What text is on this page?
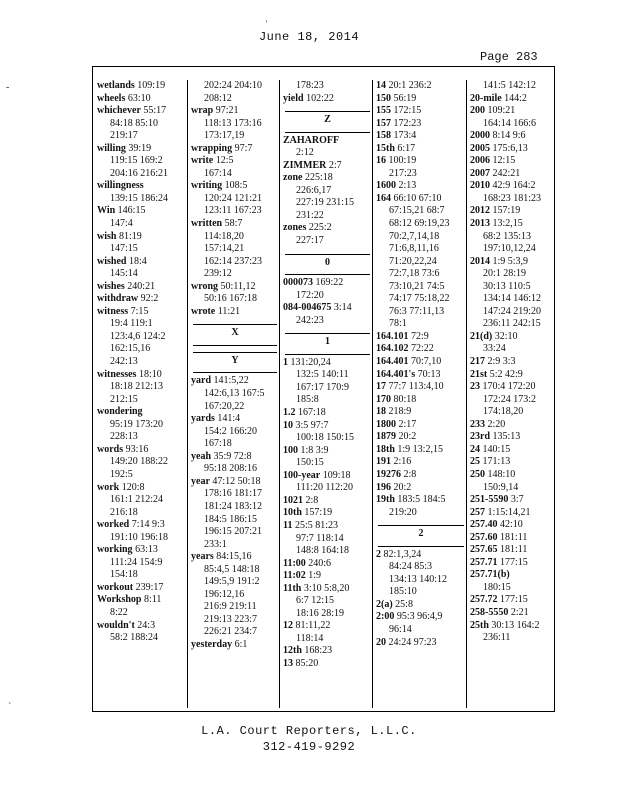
'
June 18, 2014
Page 283
-
`
wetlands 109:19
wheels 63:10
whichever 55:17
84:18 85:10
219:17
willing 39:19
119:15 169:2
204:16 216:21
willingness
139:15 186:24
Win 146:15
147:4
wish 81:19
147:15
wished 18:4
145:14
wishes 240:21
withdraw 92:2
witness 7:15
19:4 119:1
123:4,6 124:2
162:15,16
242:13
witnesses 18:10
18:18 212:13
212:15
wondering
95:19 173:20
228:13
words 93:16
149:20 188:22
192:5
work 120:8
161:1 212:24
216:18
worked 7:14 9:3
191:10 196:18
working 63:13
111:24 154:9
154:18
workout 239:17
Workshop 8:11
8:22
wouldn't 24:3
58:2 188:24
202:24 204:10
208:12
wrap 97:21
118:13 173:16
173:17,19
wrapping 97:7
write 12:5
167:14
writing 108:5
120:24 121:21
123:11 167:23
written 58:7
114:18,20
157:14,21
162:14 237:23
239:12
wrong 50:11,12
50:16 167:18
wrote 11:21
X
Y
yard 141:5,22
142:6,13 167:5
167:20,22
yards 141:4
154:2 166:20
167:18
yeah 35:9 72:8
95:18 208:16
year 47:12 50:18
178:16 181:17
181:24 183:12
184:5 186:15
196:15 207:21
233:1
years 84:15,16
85:4,5 148:18
149:5,9 191:2
196:12,16
216:9 219:11
219:13 223:7
226:21 234:7
yesterday 6:1
178:23
yield 102:22
Z
ZAHAROFF
2:12
ZIMMER 2:7
zone 225:18
226:6,17
227:19 231:15
231:22
zones 225:2
227:17
0
000073 169:22
172:20
084-004675 3:14
242:23
1
1 131:20,24
132:5 140:11
167:17 170:9
185:8
1.2 167:18
10 3:5 97:7
100:18 150:15
100 1:8 3:9
150:15
100-year 109:18
111:20 112:20
1021 2:8
10th 157:19
11 25:5 81:23
97:7 118:14
148:8 164:18
11:00 240:6
11:02 1:9
11th 3:10 5:8,20
6:7 12:15
18:16 28:19
12 81:11,22
118:14
12th 168:23
13 85:20
14 20:1 236:2
150 56:19
155 172:15
157 172:23
158 173:4
15th 6:17
16 100:19
217:23
1600 2:13
164 66:10 67:10
67:15,21 68:7
68:12 69:19,23
70:2,7,14,18
71:6,8,11,16
71:20,22,24
72:7,18 73:6
73:10,21 74:5
74:17 75:18,22
76:3 77:11,13
78:1
164.101 72:9
164.102 72:22
164.401 70:7,10
164.401's 70:13
17 77:7 113:4,10
170 80:18
18 218:9
1800 2:17
1879 20:2
18th 1:9 13:2,15
191 2:16
19276 2:8
196 20:2
19th 183:5 184:5
219:20
2
2 82:1,3,24
84:24 85:3
134:13 140:12
185:10
2(a) 25:8
2:00 95:3 96:4,9
96:14
20 24:24 97:23
141:5 142:12
20-mile 144:2
200 109:21
164:14 166:6
2000 8:14 9:6
2005 175:6,13
2006 12:15
2007 242:21
2010 42:9 164:2
168:23 181:23
2012 157:19
2013 13:2,15
68:2 135:13
197:10,12,24
2014 1:9 5:3,9
20:1 28:19
30:13 110:5
134:14 146:12
147:24 219:20
236:11 242:15
21(d) 32:10
33:24
217 2:9 3:3
21st 5:2 42:9
23 170:4 172:20
172:24 173:2
174:18,20
233 2:20
23rd 135:13
24 140:15
25 171:13
250 148:10
150:9,14
251-5590 3:7
257 1:15:14,21
257.40 42:10
257.60 181:11
257.65 181:11
257.71 177:15
257.71(b)
180:15
257.72 177:15
258-5550 2:21
25th 30:13 164:2
236:11
L.A. Court Reporters, L.L.C.
312-419-9292
